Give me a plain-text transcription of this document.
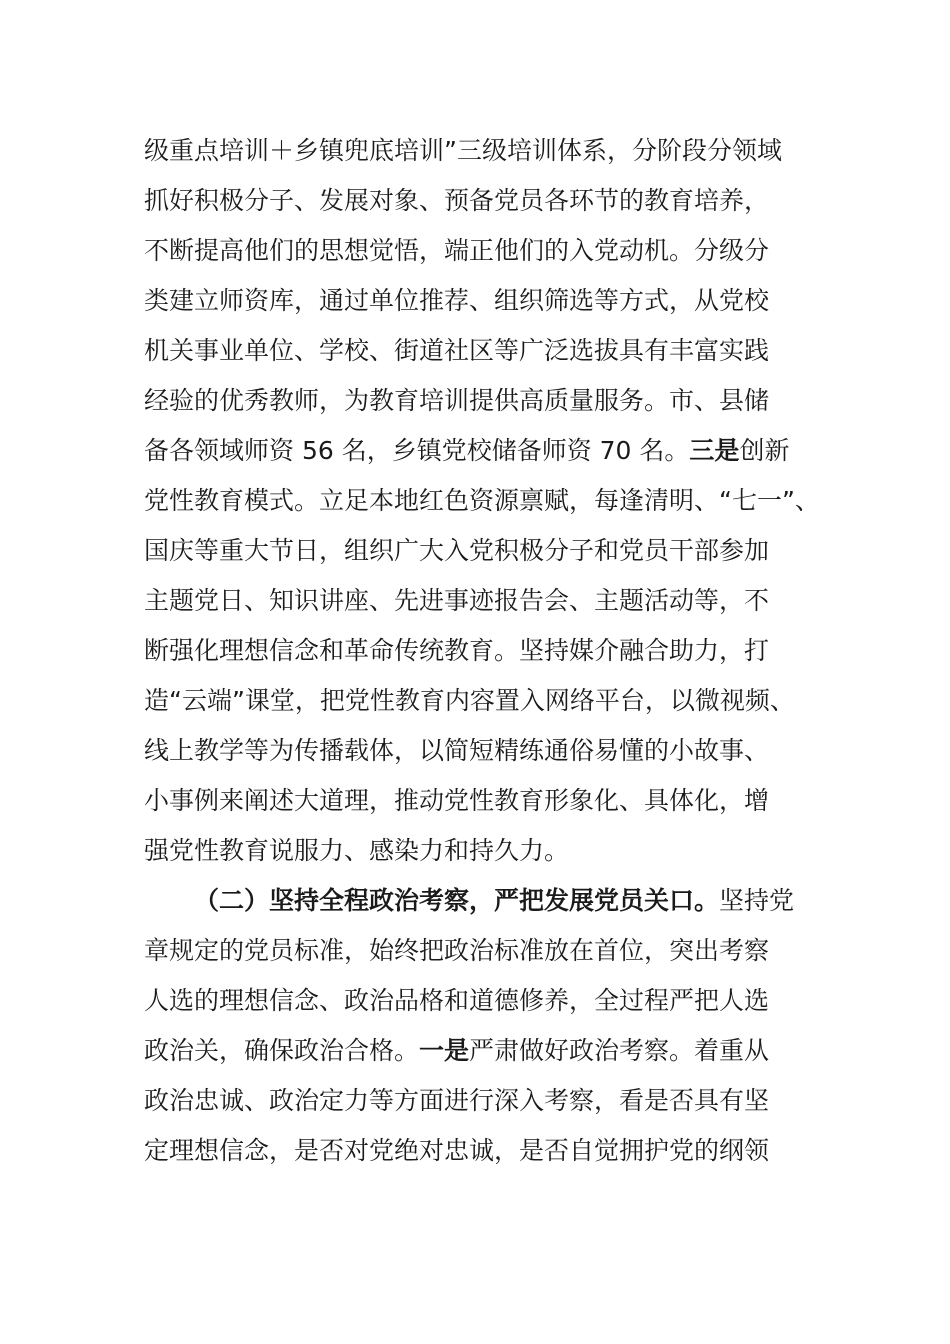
级重点培训＋乡镇兜底培训”三级培训体系，分阶段分领域
抓好积极分子、发展对象、预备党员各环节的教育培养，
不断提高他们的思想觉悟，端正他们的入党动机。分级分
类建立师资库，通过单位推荐、组织筛选等方式，从党校
机关事业单位、学校、街道社区等广泛选拔具有丰富实践
经验的优秀教师，为教育培训提供高质量服务。市、县储
备各领域师资 56 名，乡镇党校储备师资 70 名。三是创新
党性教育模式。立足本地红色资源禀赋，每逢清明、“七一”、
国庆等重大节日，组织广大入党积极分子和党员干部参加
主题党日、知识讲座、先进事迹报告会、主题活动等，不
断强化理想信念和革命传统教育。坚持媒介融合助力，打
造“云端”课堂，把党性教育内容置入网络平台，以微视频、
线上教学等为传播载体，以简短精练通俗易懂的小故事、
小事例来阐述大道理，推动党性教育形象化、具体化，增
强党性教育说服力、感染力和持久力。
（二）坚持全程政治考察，严把发展党员关口。坚持党
章规定的党员标准，始终把政治标准放在首位，突出考察
人选的理想信念、政治品格和道德修养，全过程严把人选
政治关，确保政治合格。一是严肃做好政治考察。着重从
政治忠诚、政治定力等方面进行深入考察，看是否具有坚
定理想信念，是否对党绝对忠诚，是否自觉拥护党的纲领
